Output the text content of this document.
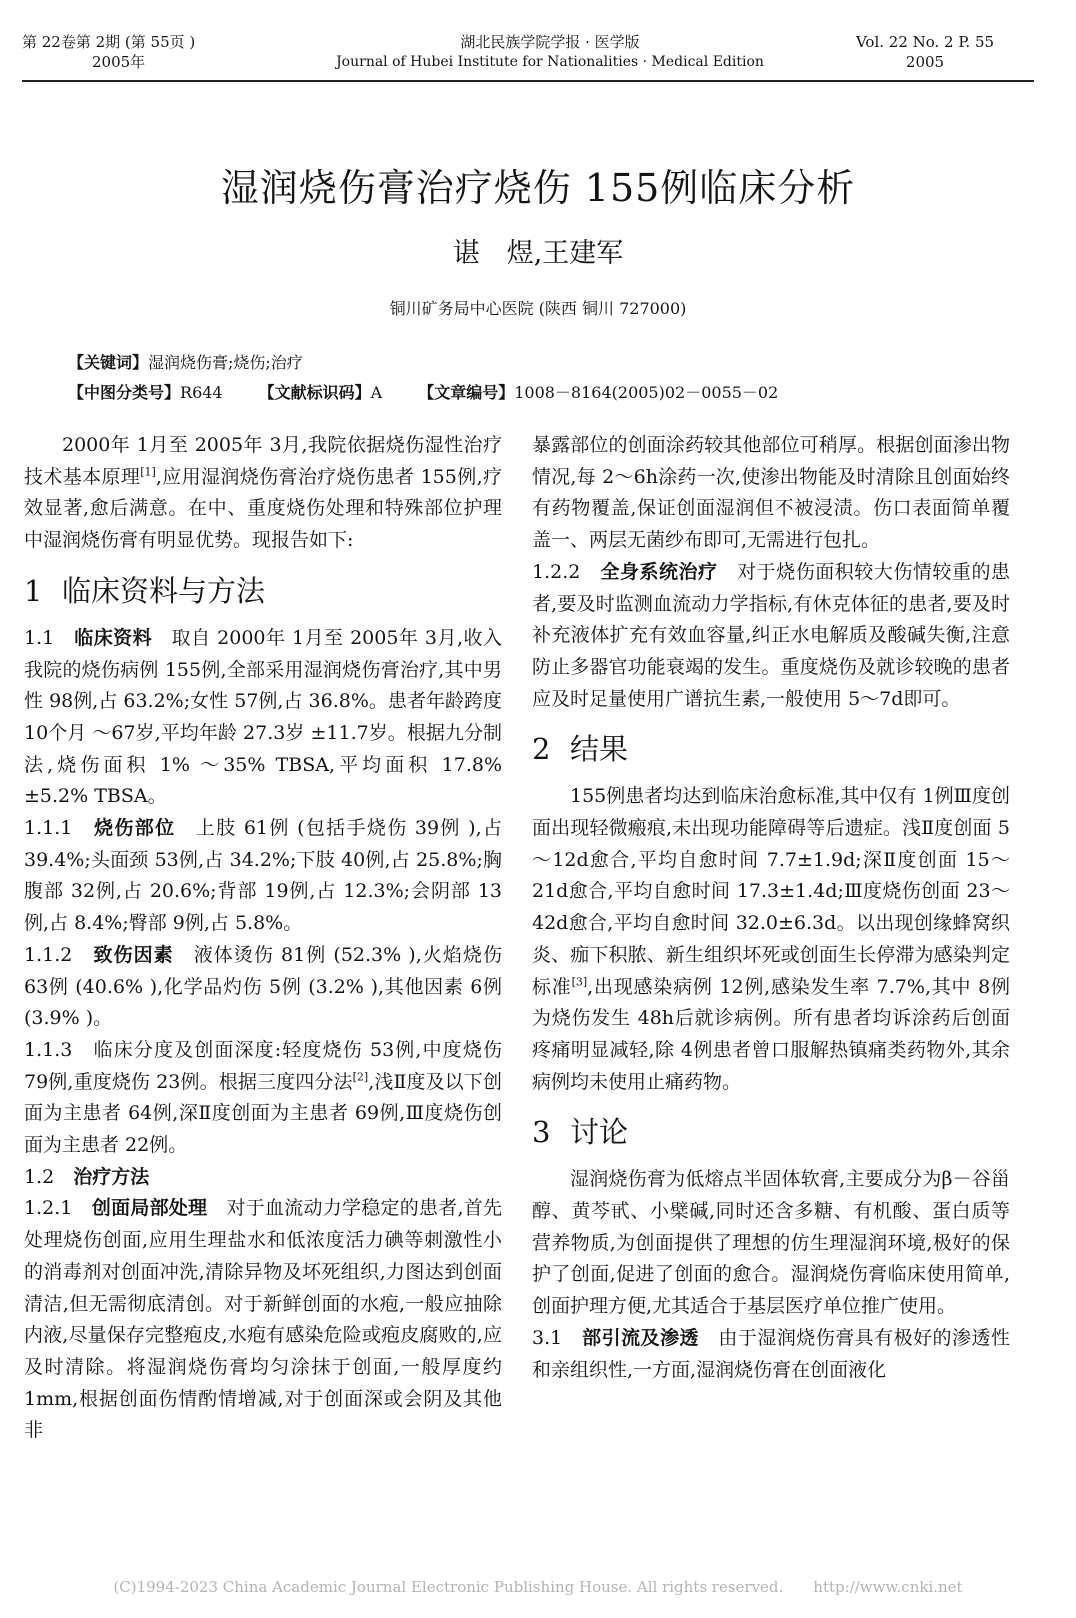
第 22卷第 2期 (第 55页 )
2005年
湖北民族学院学报 · 医学版
Journal of Hubei Institute for Nationalities · Medical Edition
Vol. 22 No. 2 P. 55
2005
湿润烧伤膏治疗烧伤 155例临床分析
谌　煜,王建军
铜川矿务局中心医院 (陕西 铜川 727000)
【关键词】湿润烧伤膏;烧伤;治疗
【中图分类号】R644 【文献标识码】A 【文章编号】1008－8164(2005)02－0055－02

2000年 1月至 2005年 3月,我院依据烧伤湿性治疗技术基本原理[1],应用湿润烧伤膏治疗烧伤患者 155例,疗效显著,愈后满意。在中、重度烧伤处理和特殊部位护理中湿润烧伤膏有明显优势。现报告如下:

1 临床资料与方法

1.1　 临床资料　 取自 2000年 1月至 2005年 3月,收入我院的烧伤病例 155例,全部采用湿润烧伤膏治疗,其中男性 98例,占 63.2%;女性 57例,占 36.8%。患者年龄跨度 10个月 ～67岁,平均年龄 27.3岁 ±11.7岁。根据九分制法,烧伤面积 1% ～35% TBSA,平均面积 17.8% ±5.2% TBSA。

1.1.1　 烧伤部位　 上肢 61例 (包括手烧伤 39例 ),占 39.4%;头面颈 53例,占 34.2%;下肢 40例,占 25.8%;胸腹部 32例,占 20.6%;背部 19例,占 12.3%;会阴部 13例,占 8.4%;臀部 9例,占 5.8%。

1.1.2　 致伤因素　 液体烫伤 81例 (52.3% ),火焰烧伤 63例 (40.6% ),化学品灼伤 5例 (3.2% ),其他因素 6例 (3.9% )。

1.1.3　 临床分度及创面深度:轻度烧伤 53例,中度烧伤 79例,重度烧伤 23例。根据三度四分法[2],浅Ⅱ度及以下创面为主患者 64例,深Ⅱ度创面为主患者 69例,Ⅲ度烧伤创面为主患者 22例。

1.2　 治疗方法

1.2.1　 创面局部处理　 对于血流动力学稳定的患者,首先处理烧伤创面,应用生理盐水和低浓度活力碘等刺激性小的消毒剂对创面冲洗,清除异物及坏死组织,力图达到创面清洁,但无需彻底清创。对于新鲜创面的水疱,一般应抽除内液,尽量保存完整疱皮,水疱有感染危险或疱皮腐败的,应及时清除。将湿润烧伤膏均匀涂抹于创面,一般厚度约 1mm,根据创面伤情酌情增减,对于创面深或会阴及其他非

暴露部位的创面涂药较其他部位可稍厚。根据创面渗出物情况,每 2～6h涂药一次,使渗出物能及时清除且创面始终有药物覆盖,保证创面湿润但不被浸渍。伤口表面简单覆盖一、两层无菌纱布即可,无需进行包扎。

1.2.2　 全身系统治疗　 对于烧伤面积较大伤情较重的患者,要及时监测血流动力学指标,有休克体征的患者,要及时补充液体扩充有效血容量,纠正水电解质及酸碱失衡,注意防止多器官功能衰竭的发生。重度烧伤及就诊较晚的患者应及时足量使用广谱抗生素,一般使用 5～7d即可。

2 结果

155例患者均达到临床治愈标准,其中仅有 1例Ⅲ度创面出现轻微瘢痕,未出现功能障碍等后遗症。浅Ⅱ度创面 5～12d愈合,平均自愈时间 7.7±1.9d;深Ⅱ度创面 15～21d愈合,平均自愈时间 17.3±1.4d;Ⅲ度烧伤创面 23～42d愈合,平均自愈时间 32.0±6.3d。以出现创缘蜂窝织炎、痂下积脓、新生组织坏死或创面生长停滞为感染判定标准[3],出现感染病例 12例,感染发生率 7.7%,其中 8例为烧伤发生 48h后就诊病例。所有患者均诉涂药后创面疼痛明显减轻,除 4例患者曾口服解热镇痛类药物外,其余病例均未使用止痛药物。

3 讨论

湿润烧伤膏为低熔点半固体软膏,主要成分为β－谷甾醇、黄芩甙、小檗碱,同时还含多糖、有机酸、蛋白质等营养物质,为创面提供了理想的仿生理湿润环境,极好的保护了创面,促进了创面的愈合。湿润烧伤膏临床使用简单,创面护理方便,尤其适合于基层医疗单位推广使用。

3.1　 部引流及渗透　 由于湿润烧伤膏具有极好的渗透性和亲组织性,一方面,湿润烧伤膏在创面液化

(C)1994-2023 China Academic Journal Electronic Publishing House. All rights reserved.　　http://www.cnki.net
